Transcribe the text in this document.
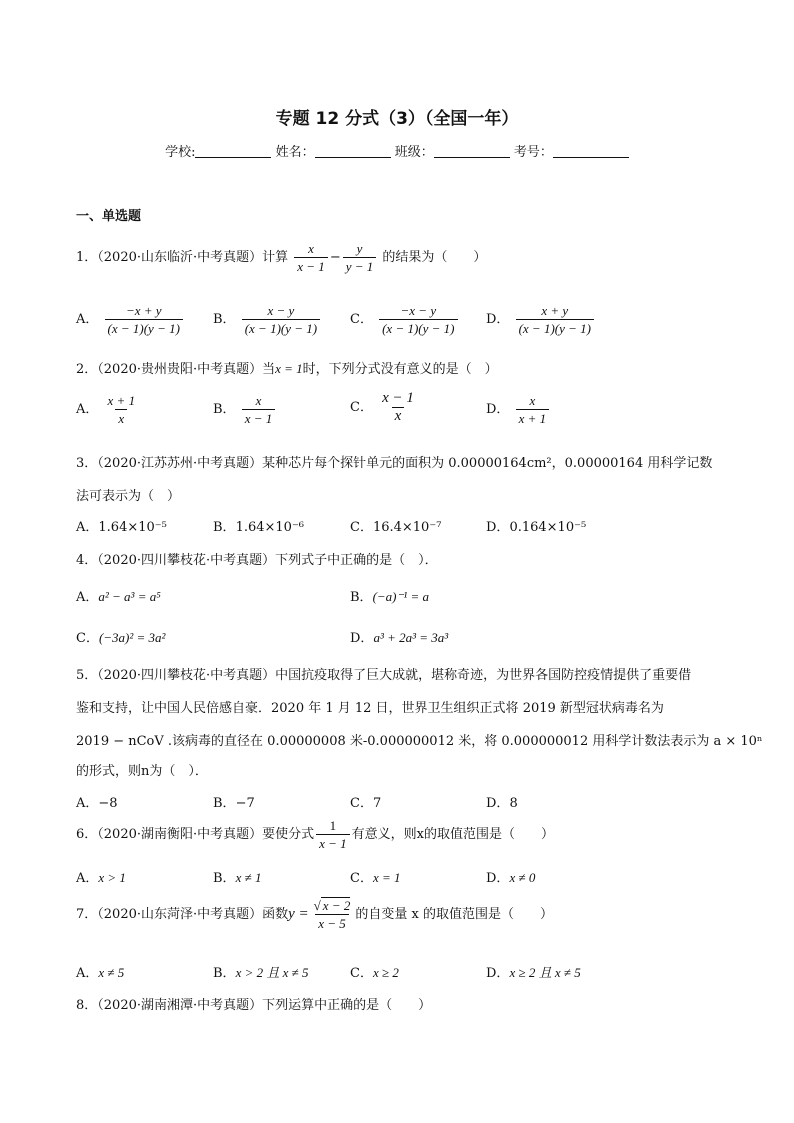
专题 12 分式（3）（全国一年）
学校:	姓名：	班级：	考号：
一、单选题
1．（2020·山东临沂·中考真题）计算 $\frac{x}{x - 1} - \frac{y}{y - 1}$ 的结果为（　　）
A． $\frac{-x + y}{(x - 1)(y - 1)}$ B． $\frac{x - y}{(x - 1)(y - 1)}$ C． $\frac{-x - y}{(x - 1)(y - 1)}$ D． $\frac{x + y}{(x - 1)(y - 1)}$
2．（2020·贵州贵阳·中考真题）当x = 1时，下列分式没有意义的是（　）
A． $\frac{x + 1}{x}$	B． $\frac{x}{x - 1}$	C． $\frac{x - 1}{x}$	D． $\frac{x}{x + 1}$
3．（2020·江苏苏州·中考真题）某种芯片每个探针单元的面积为 0.00000164cm²，0.00000164 用科学记数
法可表示为（　）
A．1.64×10⁻⁵	B．1.64×10⁻⁶	C．16.4×10⁻⁷	D．0.164×10⁻⁵
4．（2020·四川攀枝花·中考真题）下列式子中正确的是（　）．
A．a² − a³ = a⁵	B．(−a)⁻¹ = a
C．(−3a)² = 3a²	D．a³ + 2a³ = 3a³
5．（2020·四川攀枝花·中考真题）中国抗疫取得了巨大成就，堪称奇迹，为世界各国防控疫情提供了重要借
鉴和支持，让中国人民倍感自豪．2020 年 1 月 12 日，世界卫生组织正式将 2019 新型冠状病毒名为
2019 − nCoV .该病毒的直径在 0.00000008 米-0.000000012 米，将 0.000000012 用科学计数法表示为 a × 10ⁿ
的形式，则n为（　）．
A．−8	B．−7	C．7	D．8
6．（2020·湖南衡阳·中考真题）要使分式 $\frac{1}{x - 1}$ 有意义，则x的取值范围是（　　）
A．x > 1	B．x ≠ 1	C．x = 1	D．x ≠ 0
7．（2020·山东菏泽·中考真题）函数$y = \frac{√ x - 2}{x - 5}$ 的自变量 x 的取值范围是（　　）
A．x ≠ 5	B．x > 2 且 x ≠ 5	C．x ≥ 2	D．x ≥ 2 且 x ≠ 5
8．（2020·湖南湘潭·中考真题）下列运算中正确的是（　　）
